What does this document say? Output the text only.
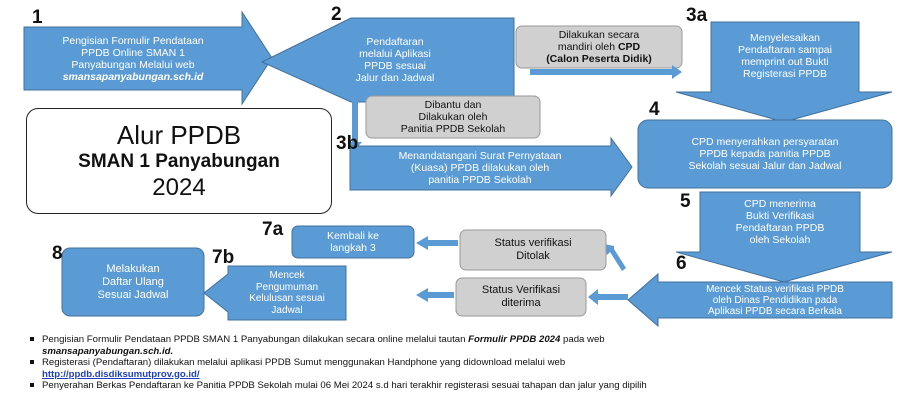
1	2	3a
3b
4
5
6
7a
7b
8
Pengisian Formulir Pendataan
PPDB Online SMAN 1
Panyabungan Melalui web
smansapanyabungan.sch.id
Pendaftaran
melalui Aplikasi
PPDB sesuai
Jalur dan Jadwal
Dilakukan secara
mandiri oleh CPD
(Calon Peserta Didik)
Menyelesaikan
Pendaftaran sampai
memprint out Bukti
Registerasi PPDB
Alur PPDB
SMAN 1 Panyabungan
2024
Dibantu dan
Dilakukan oleh
Panitia PPDB Sekolah
Menandatangani Surat Pernyataan
(Kuasa) PPDB dilakukan oleh
panitia PPDB Sekolah
CPD menyerahkan persyaratan
PPDB kepada panitia PPDB
Sekolah sesuai Jalur dan Jadwal
CPD menerima
Bukti Verifikasi
Pendaftaran PPDB
oleh Sekolah
Mencek Status verifikasi PPDB
oleh Dinas Pendidikan pada
Aplikasi PPDB secara Berkala
Status verifikasi
Ditolak
Status Verifikasi
diterima
Kembali ke
langkah 3
Mencek
Pengumuman
Kelulusan sesuai
Jadwal
Melakukan
Daftar Ulang
Sesuai Jadwal
Pengisian Formulir Pendataan PPDB SMAN 1 Panyabungan dilakukan secara online melalui tautan Formulir PPDB 2024 pada web
smansapanyabungan.sch.id.
Registerasi (Pendaftaran) dilakukan melalui aplikasi PPDB Sumut menggunakan Handphone yang didownload melalui web
http://ppdb.disdiksumutprov.go.id/
Penyerahan Berkas Pendaftaran ke Panitia PPDB Sekolah mulai 06 Mei 2024 s.d hari terakhir registerasi sesuai tahapan dan jalur yang dipilih
